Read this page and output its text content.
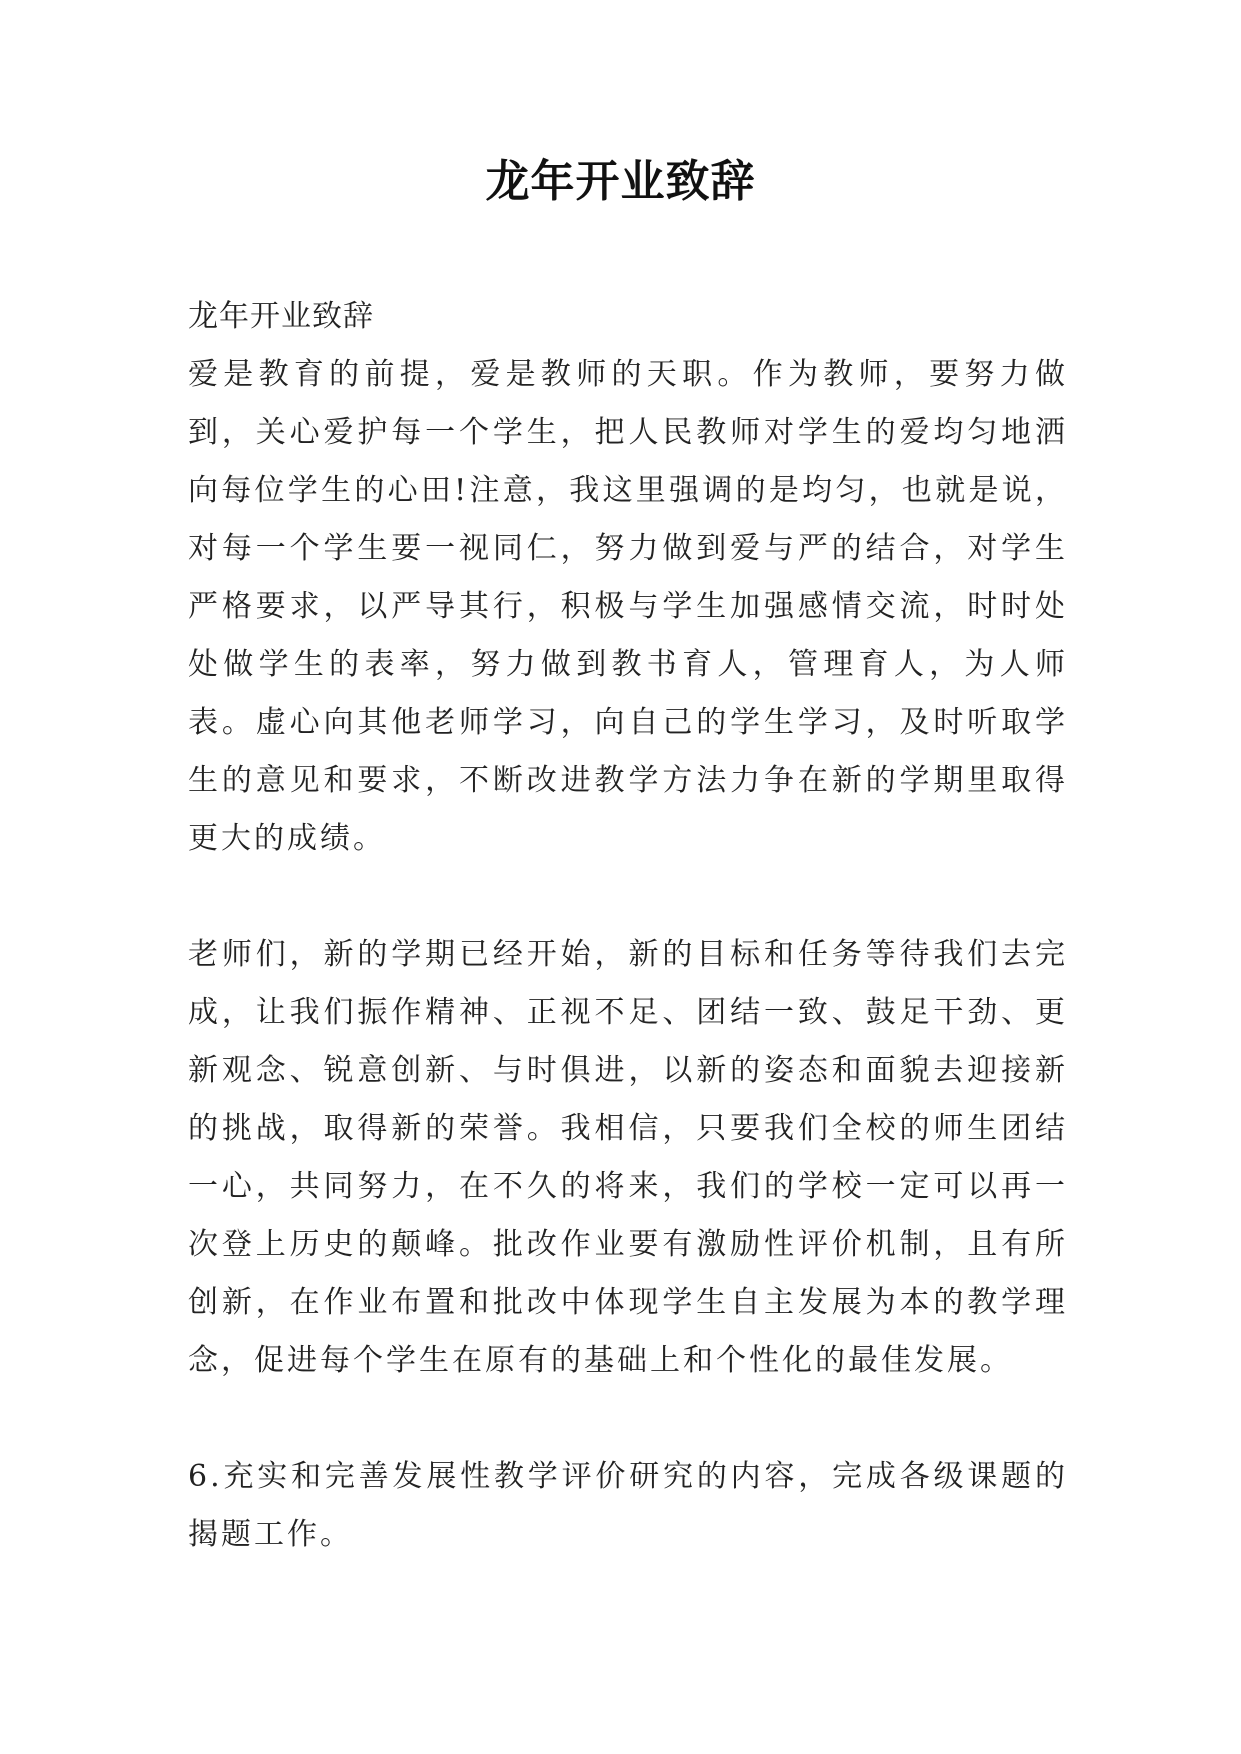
龙年开业致辞

龙年开业致辞

爱是教育的前提，爱是教师的天职。作为教师，要努力做到，关心爱护每一个学生，把人民教师对学生的爱均匀地洒向每位学生的心田!注意，我这里强调的是均匀，也就是说，对每一个学生要一视同仁，努力做到爱与严的结合，对学生严格要求，以严导其行，积极与学生加强感情交流，时时处处做学生的表率，努力做到教书育人，管理育人，为人师表。虚心向其他老师学习，向自己的学生学习，及时听取学生的意见和要求，不断改进教学方法力争在新的学期里取得更大的成绩。

老师们，新的学期已经开始，新的目标和任务等待我们去完成，让我们振作精神、正视不足、团结一致、鼓足干劲、更新观念、锐意创新、与时俱进，以新的姿态和面貌去迎接新的挑战，取得新的荣誉。我相信，只要我们全校的师生团结一心，共同努力，在不久的将来，我们的学校一定可以再一次登上历史的颠峰。批改作业要有激励性评价机制，且有所创新，在作业布置和批改中体现学生自主发展为本的教学理念，促进每个学生在原有的基础上和个性化的最佳发展。

6.充实和完善发展性教学评价研究的内容，完成各级课题的揭题工作。
